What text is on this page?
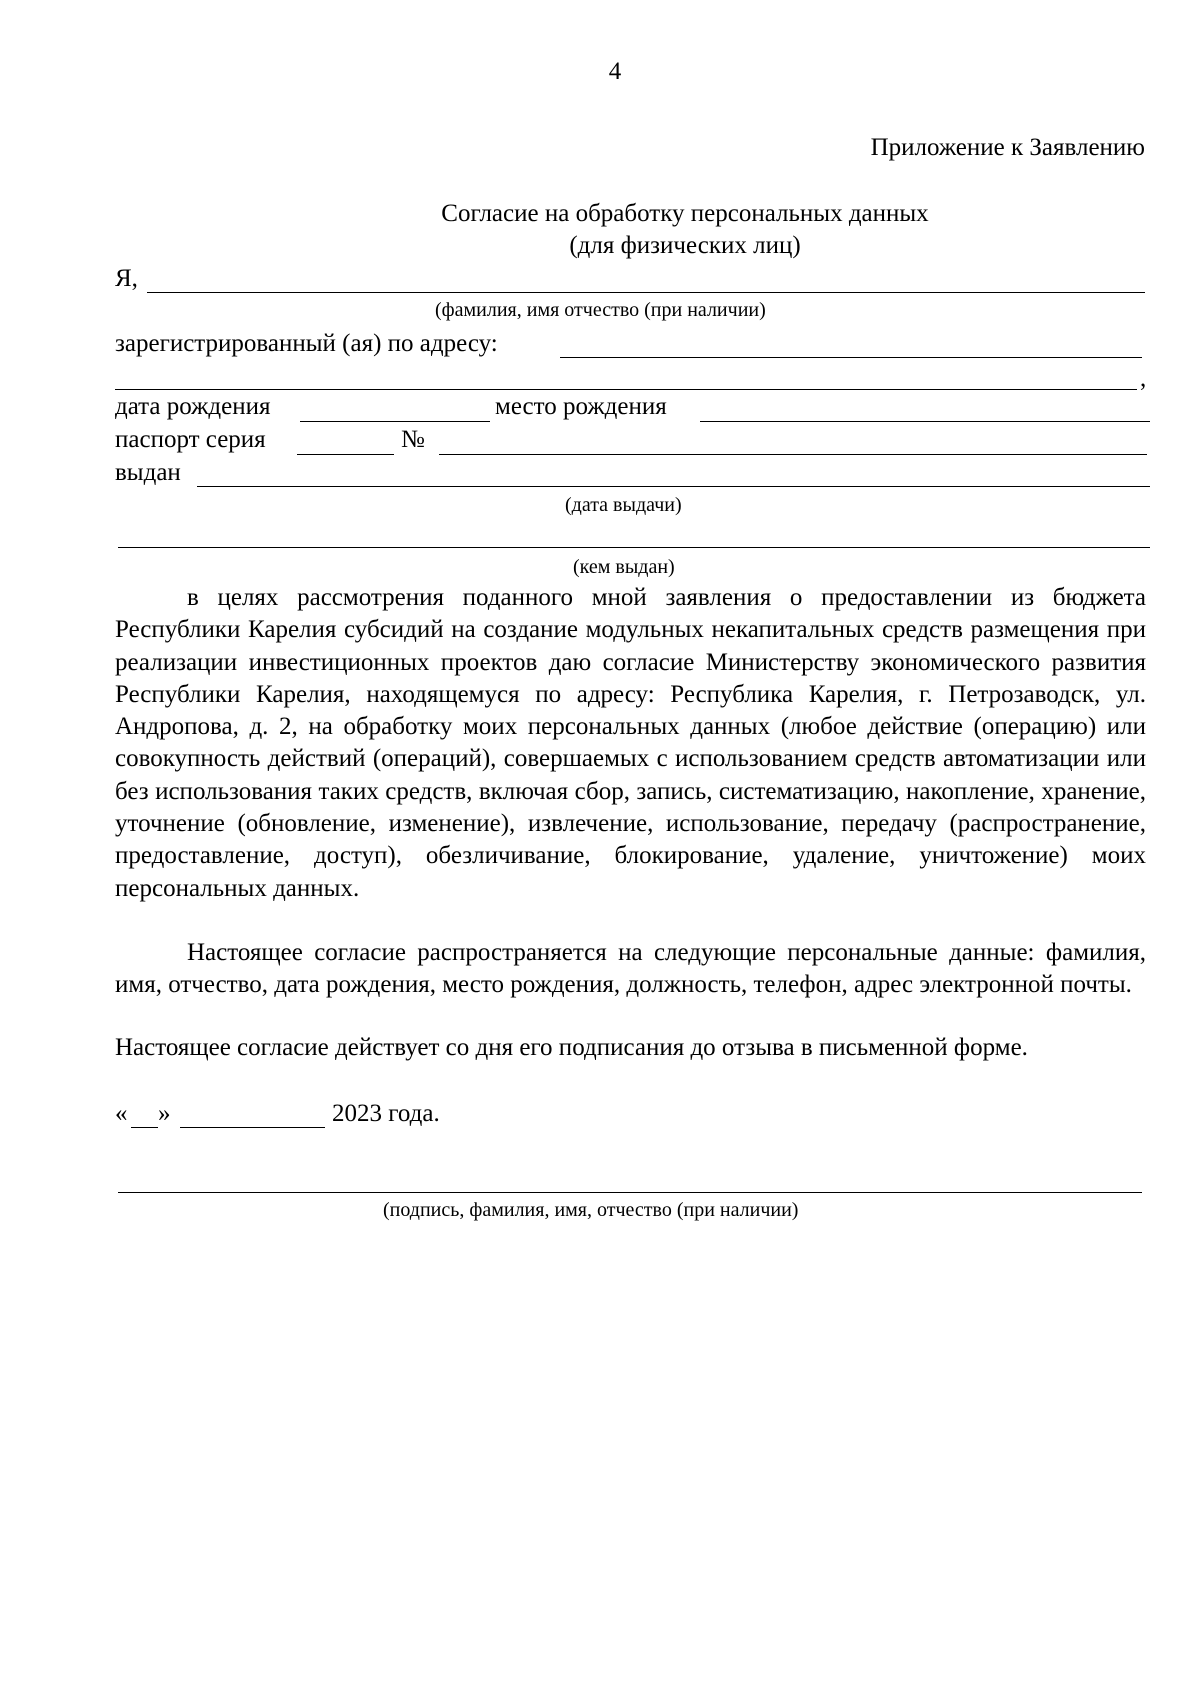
4
Приложение к Заявлению
Согласие на обработку персональных данных
(для физических лиц)
Я,
(фамилия, имя отчество (при наличии)
зарегистрированный (ая) по адресу:
,
дата рождения	место рождения
паспорт серия	№
выдан
(дата выдачи)
(кем выдан)
в целях рассмотрения поданного мной заявления о предоставлении из бюджета Республики Карелия субсидий на создание модульных некапитальных средств размещения при реализации инвестиционных проектов даю согласие Министерству экономического развития Республики Карелия, находящемуся по адресу: Республика Карелия, г. Петрозаводск, ул. Андропова, д. 2, на обработку моих персональных данных (любое действие (операцию) или совокупность действий (операций), совершаемых с использованием средств автоматизации или без использования таких средств, включая сбор, запись, систематизацию, накопление, хранение, уточнение (обновление, изменение), извлечение, использование, передачу (распространение, предоставление, доступ), обезличивание, блокирование, удаление, уничтожение) моих персональных данных.
Настоящее согласие распространяется на следующие персональные данные: фамилия, имя, отчество, дата рождения, место рождения, должность, телефон, адрес электронной почты.
Настоящее согласие действует со дня его подписания до отзыва в письменной форме.
« »	2023 года.
(подпись, фамилия, имя, отчество (при наличии)
